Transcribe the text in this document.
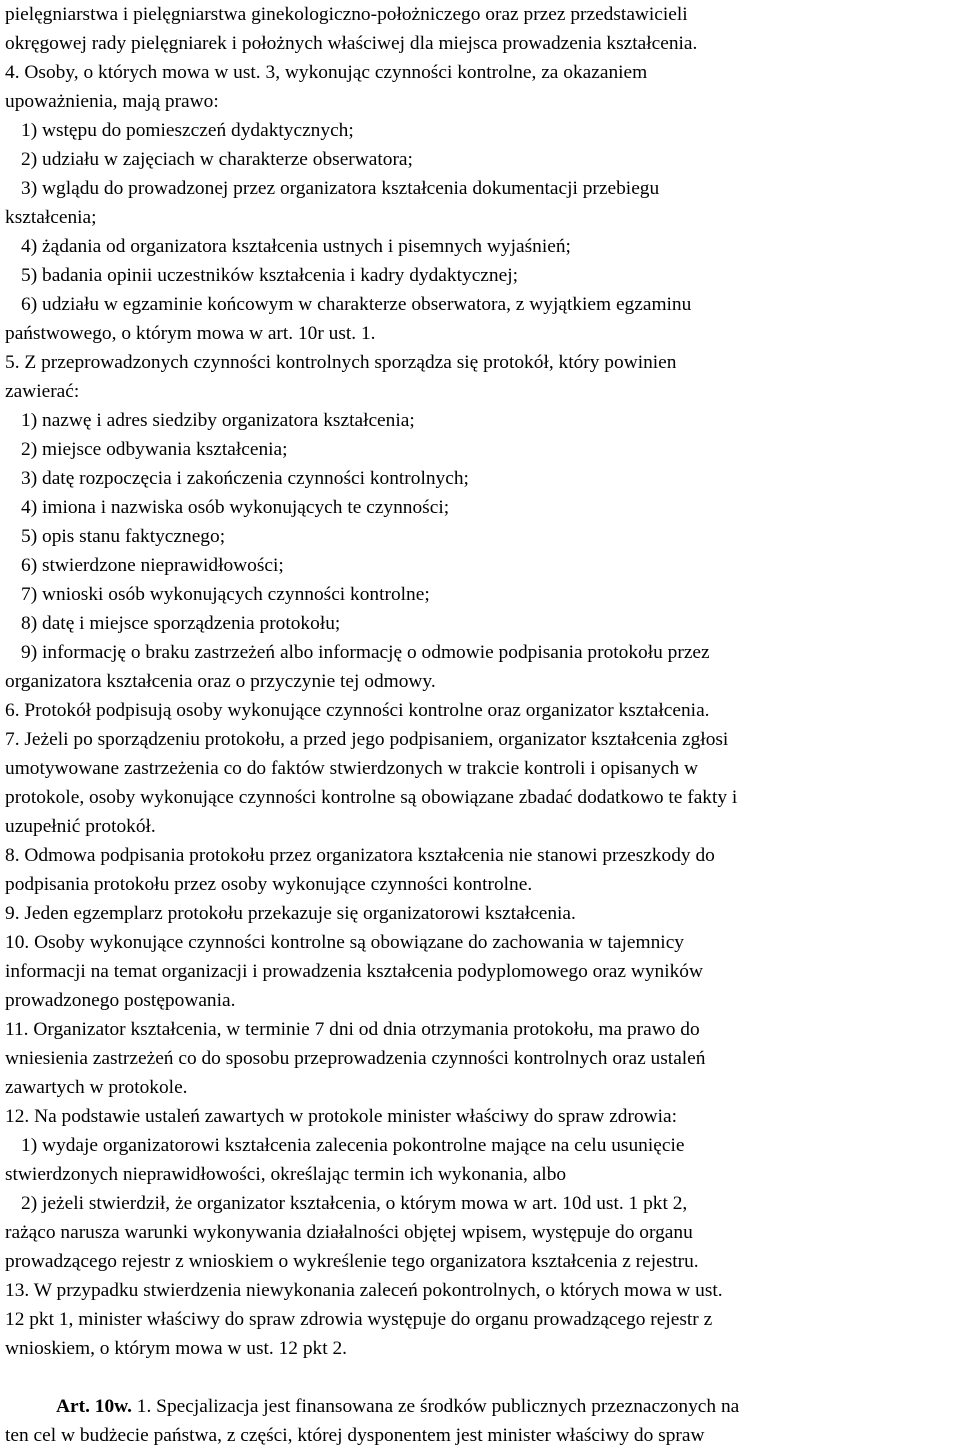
pielęgniarstwa i pielęgniarstwa ginekologiczno-położniczego oraz przez przedstawicieli
okręgowej rady pielęgniarek i położnych właściwej dla miejsca prowadzenia kształcenia.
4. Osoby, o których mowa w ust. 3, wykonując czynności kontrolne, za okazaniem
upoważnienia, mają prawo:
1) wstępu do pomieszczeń dydaktycznych;
2) udziału w zajęciach w charakterze obserwatora;
3) wglądu do prowadzonej przez organizatora kształcenia dokumentacji przebiegu
kształcenia;
4) żądania od organizatora kształcenia ustnych i pisemnych wyjaśnień;
5) badania opinii uczestników kształcenia i kadry dydaktycznej;
6) udziału w egzaminie końcowym w charakterze obserwatora, z wyjątkiem egzaminu
państwowego, o którym mowa w art. 10r ust. 1.
5. Z przeprowadzonych czynności kontrolnych sporządza się protokół, który powinien
zawierać:
1) nazwę i adres siedziby organizatora kształcenia;
2) miejsce odbywania kształcenia;
3) datę rozpoczęcia i zakończenia czynności kontrolnych;
4) imiona i nazwiska osób wykonujących te czynności;
5) opis stanu faktycznego;
6) stwierdzone nieprawidłowości;
7) wnioski osób wykonujących czynności kontrolne;
8) datę i miejsce sporządzenia protokołu;
9) informację o braku zastrzeżeń albo informację o odmowie podpisania protokołu przez
organizatora kształcenia oraz o przyczynie tej odmowy.
6. Protokół podpisują osoby wykonujące czynności kontrolne oraz organizator kształcenia.
7. Jeżeli po sporządzeniu protokołu, a przed jego podpisaniem, organizator kształcenia zgłosi
umotywowane zastrzeżenia co do faktów stwierdzonych w trakcie kontroli i opisanych w
protokole, osoby wykonujące czynności kontrolne są obowiązane zbadać dodatkowo te fakty i
uzupełnić protokół.
8. Odmowa podpisania protokołu przez organizatora kształcenia nie stanowi przeszkody do
podpisania protokołu przez osoby wykonujące czynności kontrolne.
9. Jeden egzemplarz protokołu przekazuje się organizatorowi kształcenia.
10. Osoby wykonujące czynności kontrolne są obowiązane do zachowania w tajemnicy
informacji na temat organizacji i prowadzenia kształcenia podyplomowego oraz wyników
prowadzonego postępowania.
11. Organizator kształcenia, w terminie 7 dni od dnia otrzymania protokołu, ma prawo do
wniesienia zastrzeżeń co do sposobu przeprowadzenia czynności kontrolnych oraz ustaleń
zawartych w protokole.
12. Na podstawie ustaleń zawartych w protokole minister właściwy do spraw zdrowia:
1) wydaje organizatorowi kształcenia zalecenia pokontrolne mające na celu usunięcie
stwierdzonych nieprawidłowości, określając termin ich wykonania, albo
2) jeżeli stwierdził, że organizator kształcenia, o którym mowa w art. 10d ust. 1 pkt 2,
rażąco narusza warunki wykonywania działalności objętej wpisem, występuje do organu
prowadzącego rejestr z wnioskiem o wykreślenie tego organizatora kształcenia z rejestru.
13. W przypadku stwierdzenia niewykonania zaleceń pokontrolnych, o których mowa w ust.
12 pkt 1, minister właściwy do spraw zdrowia występuje do organu prowadzącego rejestr z
wnioskiem, o którym mowa w ust. 12 pkt 2.
Art. 10w. 1. Specjalizacja jest finansowana ze środków publicznych przeznaczonych na
ten cel w budżecie państwa, z części, której dysponentem jest minister właściwy do spraw
